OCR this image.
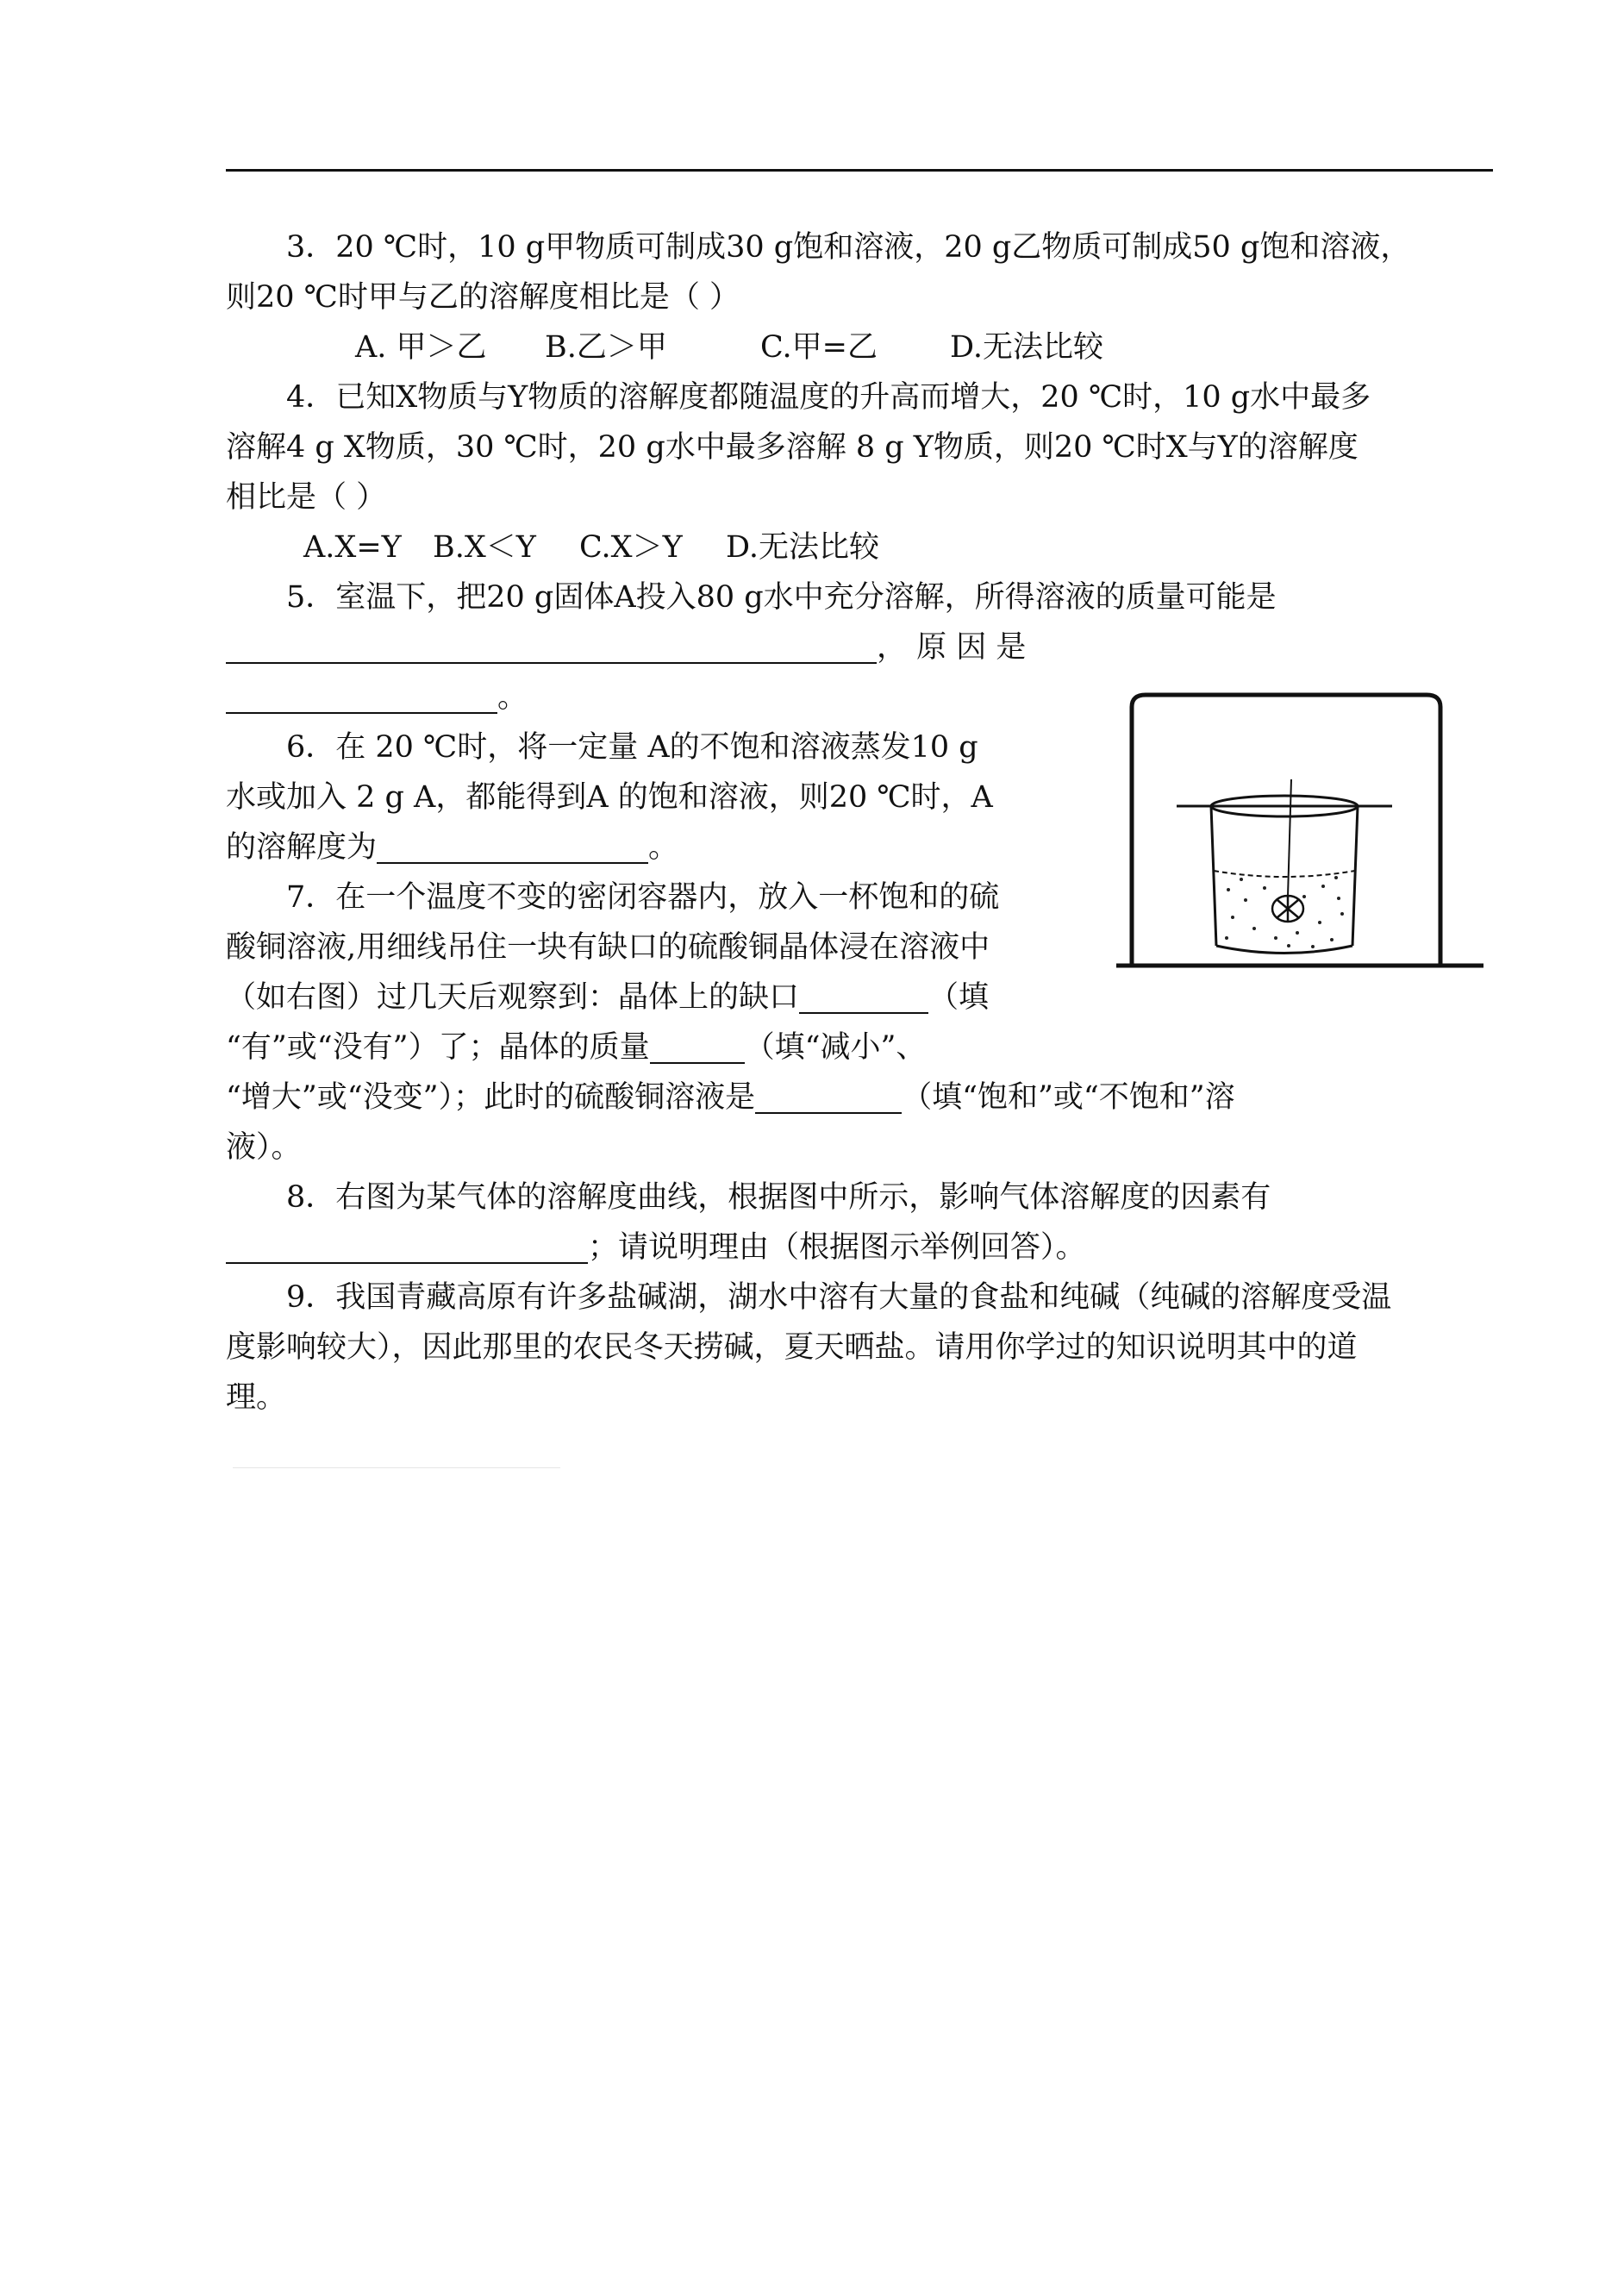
3．20 ℃时，10 g甲物质可制成30 g饱和溶液，20 g乙物质可制成50 g饱和溶液，
则20 ℃时甲与乙的溶解度相比是（ ）
A. 甲＞乙 B.乙＞甲	C.甲=乙 D.无法比较
4．已知X物质与Y物质的溶解度都随温度的升高而增大，20 ℃时，10 g水中最多
溶解4 g X物质，30 ℃时，20 g水中最多溶解 8 g Y物质，则20 ℃时X与Y的溶解度
相比是（ ）
A.X=Y B.X＜Y C.X＞Y D.无法比较
5．室温下，把20 g固体A投入80 g水中充分溶解，所得溶液的质量可能是
， 原 因 是
。
6．在 20 ℃时，将一定量 A的不饱和溶液蒸发10 g
水或加入 2 g A，都能得到A 的饱和溶液，则20 ℃时，A
的溶解度为	。
7．在一个温度不变的密闭容器内，放入一杯饱和的硫
酸铜溶液,用细线吊住一块有缺口的硫酸铜晶体浸在溶液中
（如右图）过几天后观察到：晶体上的缺口	（填
“有”或“没有”）了；晶体的质量	（填“减小”、
“增大”或“没变”）；此时的硫酸铜溶液是	（填“饱和”或“不饱和”溶
液）。
8．右图为某气体的溶解度曲线，根据图中所示，影响气体溶解度的因素有
；请说明理由（根据图示举例回答）。
9．我国青藏高原有许多盐碱湖，湖水中溶有大量的食盐和纯碱（纯碱的溶解度受温
度影响较大），因此那里的农民冬天捞碱，夏天晒盐。请用你学过的知识说明其中的道
理。
